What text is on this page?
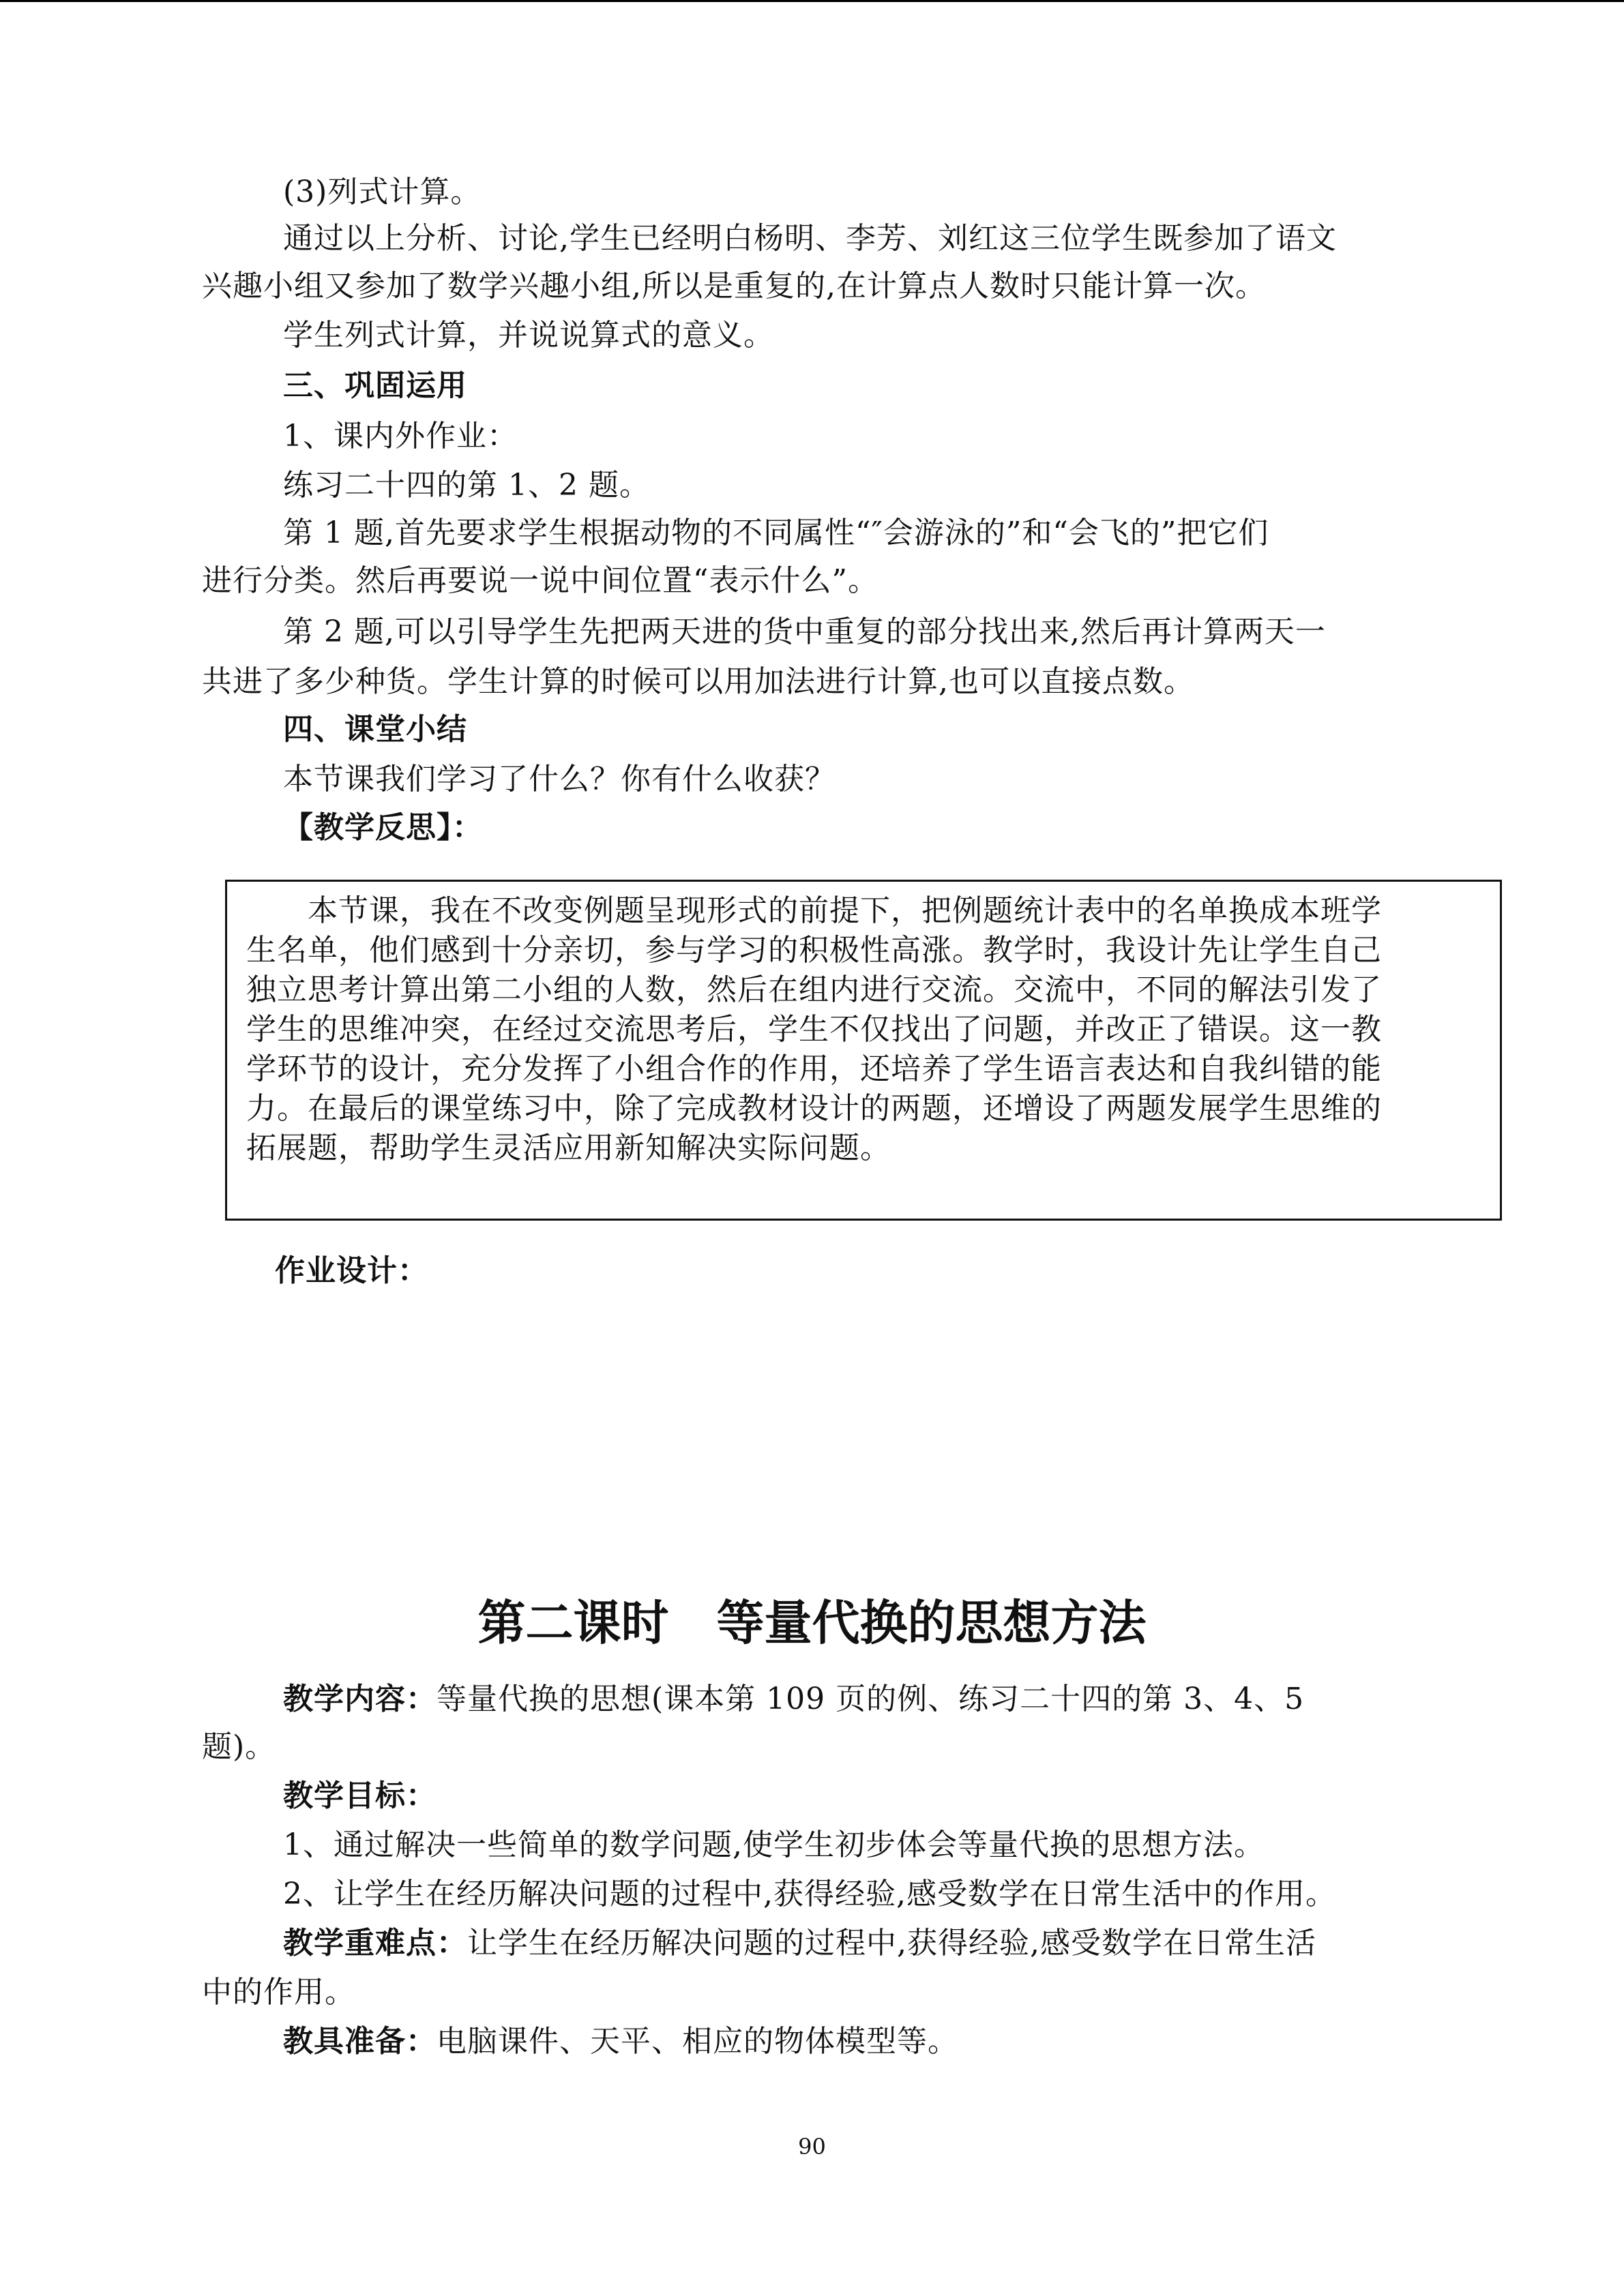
(3)列式计算。
通过以上分析、讨论,学生已经明白杨明、李芳、刘红这三位学生既参加了语文
兴趣小组又参加了数学兴趣小组,所以是重复的,在计算点人数时只能计算一次。
学生列式计算，并说说算式的意义。
三、巩固运用
1、课内外作业：
练习二十四的第 1、2 题。
第 1 题,首先要求学生根据动物的不同属性“″会游泳的”和“会飞的”把它们
进行分类。然后再要说一说中间位置“表示什么”。
第 2 题,可以引导学生先把两天进的货中重复的部分找出来,然后再计算两天一
共进了多少种货。学生计算的时候可以用加法进行计算,也可以直接点数。
四、课堂小结
本节课我们学习了什么？你有什么收获？
【教学反思】：
　　本节课，我在不改变例题呈现形式的前提下，把例题统计表中的名单换成本班学
生名单，他们感到十分亲切，参与学习的积极性高涨。教学时，我设计先让学生自己
独立思考计算出第二小组的人数，然后在组内进行交流。交流中，不同的解法引发了
学生的思维冲突，在经过交流思考后，学生不仅找出了问题，并改正了错误。这一教
学环节的设计，充分发挥了小组合作的作用，还培养了学生语言表达和自我纠错的能
力。在最后的课堂练习中，除了完成教材设计的两题，还增设了两题发展学生思维的
拓展题，帮助学生灵活应用新知解决实际问题。
作业设计：
第二课时　等量代换的思想方法
教学内容：等量代换的思想(课本第 109 页的例、练习二十四的第 3、4、5
题)。
教学目标：
1、通过解决一些简单的数学问题,使学生初步体会等量代换的思想方法。
2、让学生在经历解决问题的过程中,获得经验,感受数学在日常生活中的作用。
教学重难点：让学生在经历解决问题的过程中,获得经验,感受数学在日常生活
中的作用。
教具准备：电脑课件、天平、相应的物体模型等。
90
